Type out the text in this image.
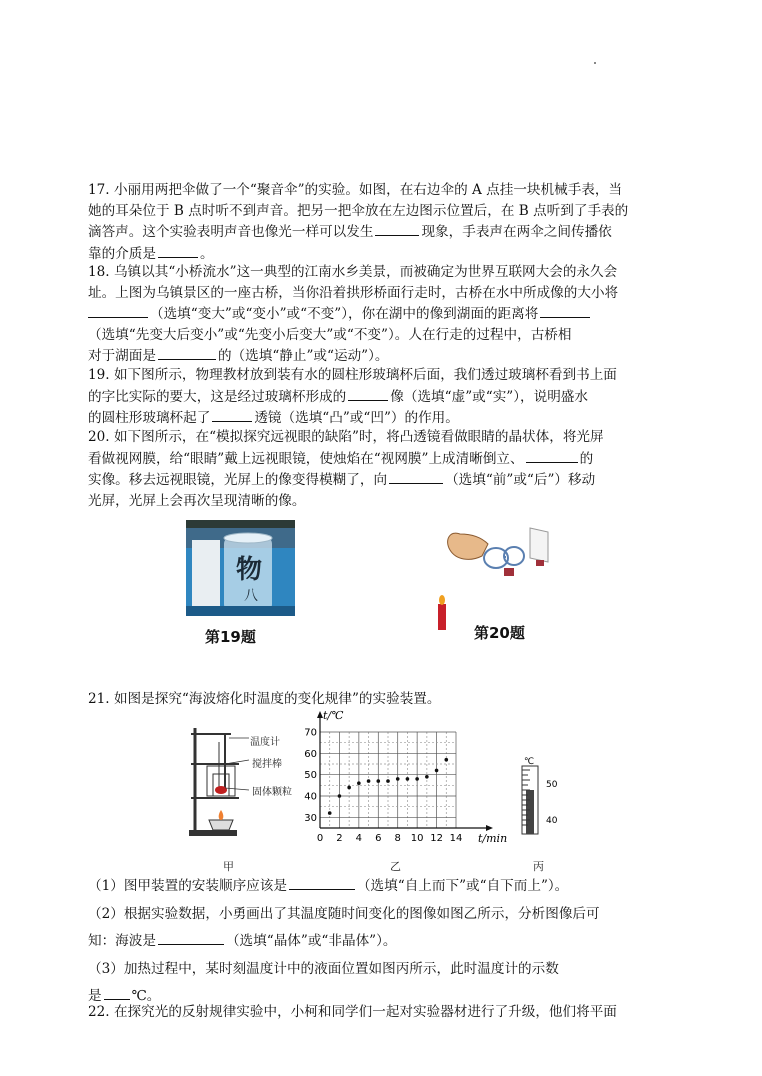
17. 小丽用两把伞做了一个“聚音伞”的实验。如图，在右边伞的 A 点挂一块机械手表，当
她的耳朵位于 B 点时听不到声音。把另一把伞放在左边图示位置后，在 B 点听到了手表的
滴答声。这个实验表明声音也像光一样可以发生	现象，手表声在两伞之间传播依
靠的介质是	。
18. 乌镇以其“小桥流水”这一典型的江南水乡美景，而被确定为世界互联网大会的永久会
址。上图为乌镇景区的一座古桥，当你沿着拱形桥面行走时，古桥在水中所成像的大小将
（选填“变大”或“变小”或“不变”），你在湖中的像到湖面的距离将
（选填“先变大后变小”或“先变小后变大”或“不变”）。人在行走的过程中，古桥相
对于湖面是	的（选填“静止”或“运动”）。
19. 如下图所示，物理教材放到装有水的圆柱形玻璃杯后面，我们透过玻璃杯看到书上面
的字比实际的要大，这是经过玻璃杯形成的	像（选填“虚”或“实”），说明盛水
的圆柱形玻璃杯起了	透镜（选填“凸”或“凹”）的作用。
20. 如下图所示，在“模拟探究远视眼的缺陷”时，将凸透镜看做眼睛的晶状体，将光屏
看做视网膜，给“眼睛”戴上远视眼镜，使烛焰在“视网膜”上成清晰倒立、	的
实像。移去远视眼镜，光屏上的像变得模糊了，向	（选填“前”或“后”）移动
光屏，光屏上会再次呈现清晰的像。
物
八
第19题	第20题
21. 如图是探究“海波熔化时温度的变化规律”的实验装置。
温度计
搅拌棒
固体颗粒
0 2 4 6 8 10 12 14
30
40
50
60
70
t/℃
t/min
℃
50
40
甲	乙	丙
（1）图甲装置的安装顺序应该是	（选填“自上而下”或“自下而上”）。
（2）根据实验数据，小勇画出了其温度随时间变化的图像如图乙所示，分析图像后可
知：海波是	（选填“晶体”或“非晶体”）。
（3）加热过程中，某时刻温度计中的液面位置如图丙所示，此时温度计的示数
是 ℃。
22. 在探究光的反射规律实验中，小柯和同学们一起对实验器材进行了升级，他们将平面
